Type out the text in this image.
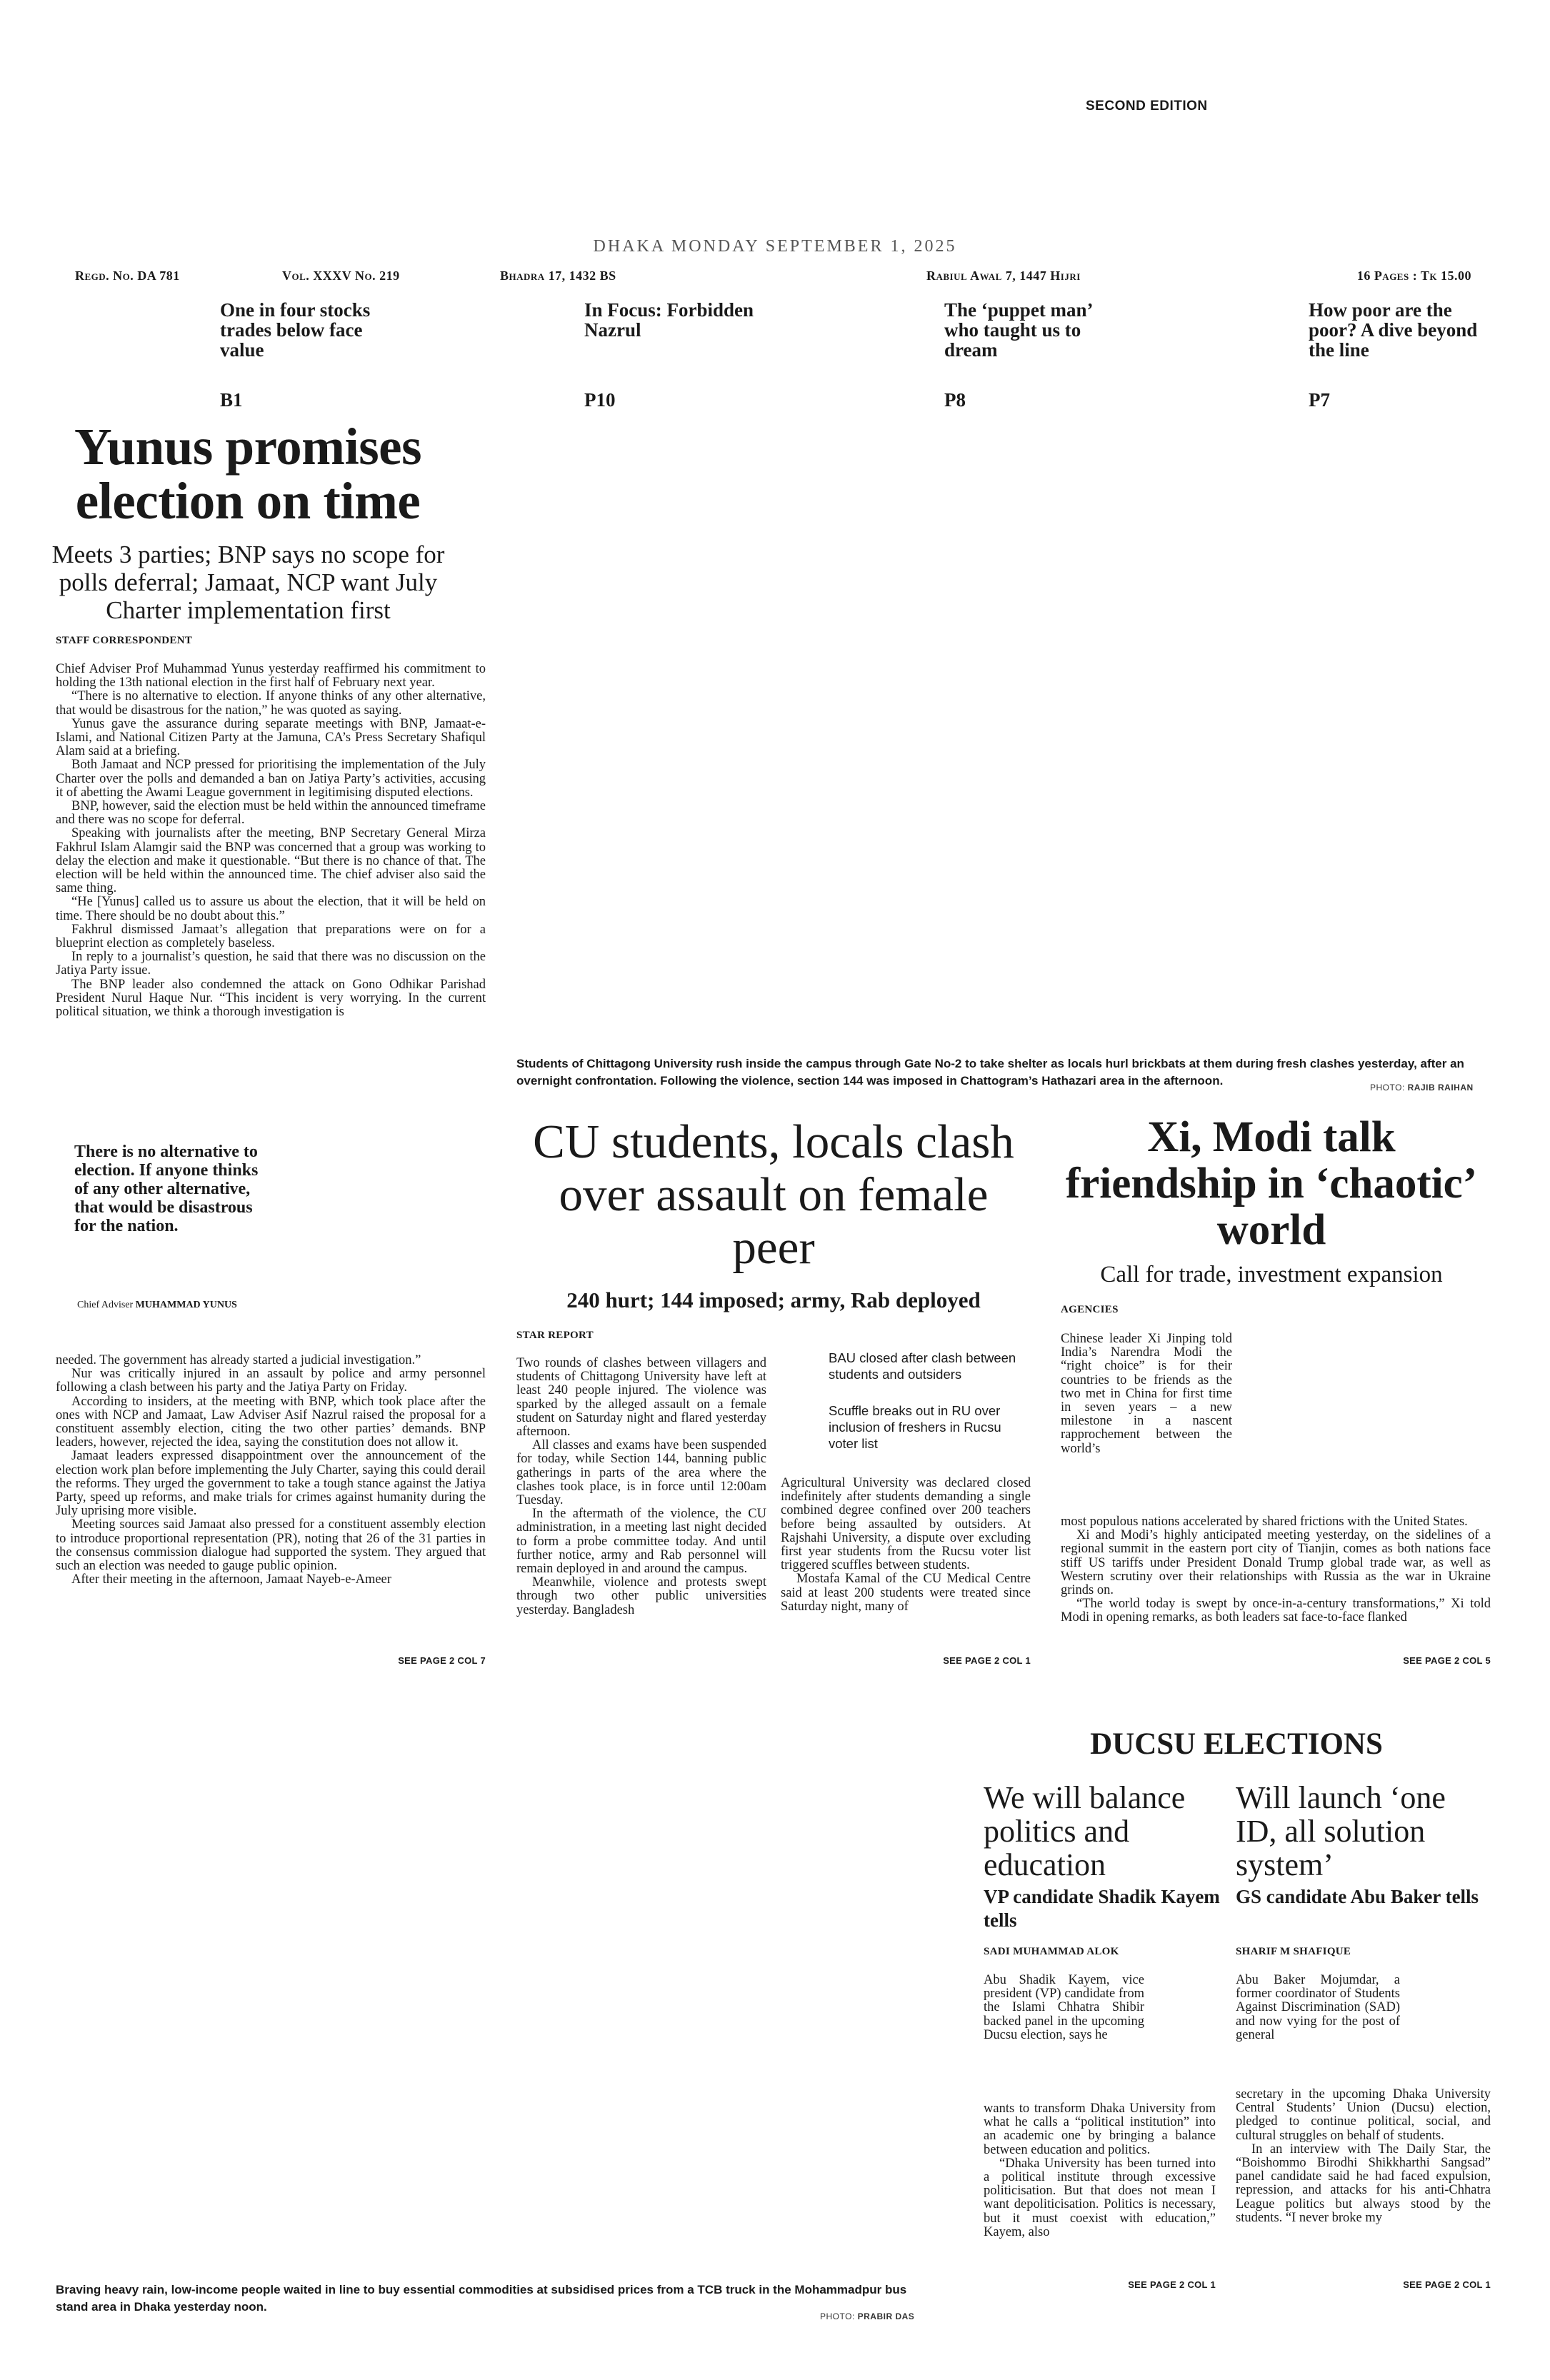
SECOND EDITION
DHAKA MONDAY SEPTEMBER 1, 2025
Regd. No. DA 781	Vol. XXXV No. 219	Bhadra 17, 1432 BS	Rabiul Awal 7, 1447 Hijri	16 Pages : Tk 15.00
One in four stocks trades below face value
B1
In Focus: Forbidden Nazrul
P10
The ‘puppet man’ who taught us to dream
P8
How poor are the poor? A dive beyond the line
P7
Yunus promises election on time
Meets 3 parties; BNP says no scope for polls deferral; Jamaat, NCP want July Charter implementation first
STAFF CORRESPONDENT

Chief Adviser Prof Muhammad Yunus yesterday reaffirmed his commitment to holding the 13th national election in the first half of February next year.

“There is no alternative to election. If anyone thinks of any other alternative, that would be disastrous for the nation,” he was quoted as saying.

Yunus gave the assurance during separate meetings with BNP, Jamaat-e-Islami, and National Citizen Party at the Jamuna, CA’s Press Secretary Shafiqul Alam said at a briefing.

Both Jamaat and NCP pressed for prioritising the implementation of the July Charter over the polls and demanded a ban on Jatiya Party’s activities, accusing it of abetting the Awami League government in legitimising disputed elections.

BNP, however, said the election must be held within the announced timeframe and there was no scope for deferral.

Speaking with journalists after the meeting, BNP Secretary General Mirza Fakhrul Islam Alamgir said the BNP was concerned that a group was working to delay the election and make it questionable. “But there is no chance of that. The election will be held within the announced time. The chief adviser also said the same thing.

“He [Yunus] called us to assure us about the election, that it will be held on time. There should be no doubt about this.”

Fakhrul dismissed Jamaat’s allegation that preparations were on for a blueprint election as completely baseless.

In reply to a journalist’s question, he said that there was no discussion on the Jatiya Party issue.

The BNP leader also condemned the attack on Gono Odhikar Parishad President Nurul Haque Nur. “This incident is very worrying. In the current political situation, we think a thorough investigation is

There is no alternative to election. If anyone thinks of any other alternative, that would be disastrous for the nation.
Chief Adviser MUHAMMAD YUNUS

needed. The government has already started a judicial investigation.”

Nur was critically injured in an assault by police and army personnel following a clash between his party and the Jatiya Party on Friday.

According to insiders, at the meeting with BNP, which took place after the ones with NCP and Jamaat, Law Adviser Asif Nazrul raised the proposal for a constituent assembly election, citing the two other parties’ demands. BNP leaders, however, rejected the idea, saying the constitution does not allow it.

Jamaat leaders expressed disappointment over the announcement of the election work plan before implementing the July Charter, saying this could derail the reforms. They urged the government to take a tough stance against the Jatiya Party, speed up reforms, and make trials for crimes against humanity during the July uprising more visible.

Meeting sources said Jamaat also pressed for a constituent assembly election to introduce proportional representation (PR), noting that 26 of the 31 parties in the consensus commission dialogue had supported the system. They argued that such an election was needed to gauge public opinion.

After their meeting in the afternoon, Jamaat Nayeb-e-Ameer

SEE PAGE 2 COL 7
Students of Chittagong University rush inside the campus through Gate No-2 to take shelter as locals hurl brickbats at them during fresh clashes yesterday, after an overnight confrontation. Following the violence, section 144 was imposed in Chattogram’s Hathazari area in the afternoon.	PHOTO: RAJIB RAIHAN
CU students, locals clash over assault on female peer
240 hurt; 144 imposed; army, Rab deployed
STAR REPORT

Two rounds of clashes between villagers and students of Chittagong University have left at least 240 people injured. The violence was sparked by the alleged assault on a female student on Saturday night and flared yesterday afternoon.

All classes and exams have been suspended for today, while Section 144, banning public gatherings in parts of the area where the clashes took place, is in force until 12:00am Tuesday.

In the aftermath of the violence, the CU administration, in a meeting last night decided to form a probe committee today. And until further notice, army and Rab personnel will remain deployed in and around the campus.

Meanwhile, violence and protests swept through two other public universities yesterday. Bangladesh

BAU closed after clash between students and outsiders
Scuffle breaks out in RU over inclusion of freshers in Rucsu voter list

Agricultural University was declared closed indefinitely after students demanding a single combined degree confined over 200 teachers before being assaulted by outsiders. At Rajshahi University, a dispute over excluding first year students from the Rucsu voter list triggered scuffles between students.

Mostafa Kamal of the CU Medical Centre said at least 200 students were treated since Saturday night, many of

SEE PAGE 2 COL 1
Xi, Modi talk friendship in ‘chaotic’ world
Call for trade, investment expansion
AGENCIES

Chinese leader Xi Jinping told India’s Narendra Modi the “right choice” is for their countries to be friends as the two met in China for first time in seven years – a new milestone in a nascent rapprochement between the world’s

most populous nations accelerated by shared frictions with the United States.

Xi and Modi’s highly anticipated meeting yesterday, on the sidelines of a regional summit in the eastern port city of Tianjin, comes as both nations face stiff US tariffs under President Donald Trump global trade war, as well as Western scrutiny over their relationships with Russia as the war in Ukraine grinds on.

“The world today is swept by once-in-a-century transformations,” Xi told Modi in opening remarks, as both leaders sat face-to-face flanked

SEE PAGE 2 COL 5
DUCSU ELECTIONS
We will balance politics and education
VP candidate Shadik Kayem tells
SADI MUHAMMAD ALOK

Abu Shadik Kayem, vice president (VP) candidate from the Islami Chhatra Shibir backed panel in the upcoming Ducsu election, says he

wants to transform Dhaka University from what he calls a “political institution” into an academic one by bringing a balance between education and politics.

“Dhaka University has been turned into a political institute through excessive politicisation. But that does not mean I want depoliticisation. Politics is necessary, but it must coexist with education,” Kayem, also

SEE PAGE 2 COL 1
Will launch ‘one ID, all solution system’
GS candidate Abu Baker tells
SHARIF M SHAFIQUE

Abu Baker Mojumdar, a former coordinator of Students Against Discrimination (SAD) and now vying for the post of general

secretary in the upcoming Dhaka University Central Students’ Union (Ducsu) election, pledged to continue political, social, and cultural struggles on behalf of students.

In an interview with The Daily Star, the “Boishommo Birodhi Shikkharthi Sangsad” panel candidate said he had faced expulsion, repression, and attacks for his anti-Chhatra League politics but always stood by the students. “I never broke my

SEE PAGE 2 COL 1
Braving heavy rain, low-income people waited in line to buy essential commodities at subsidised prices from a TCB truck in the Mohammadpur bus stand area in Dhaka yesterday noon.
PHOTO: PRABIR DAS
